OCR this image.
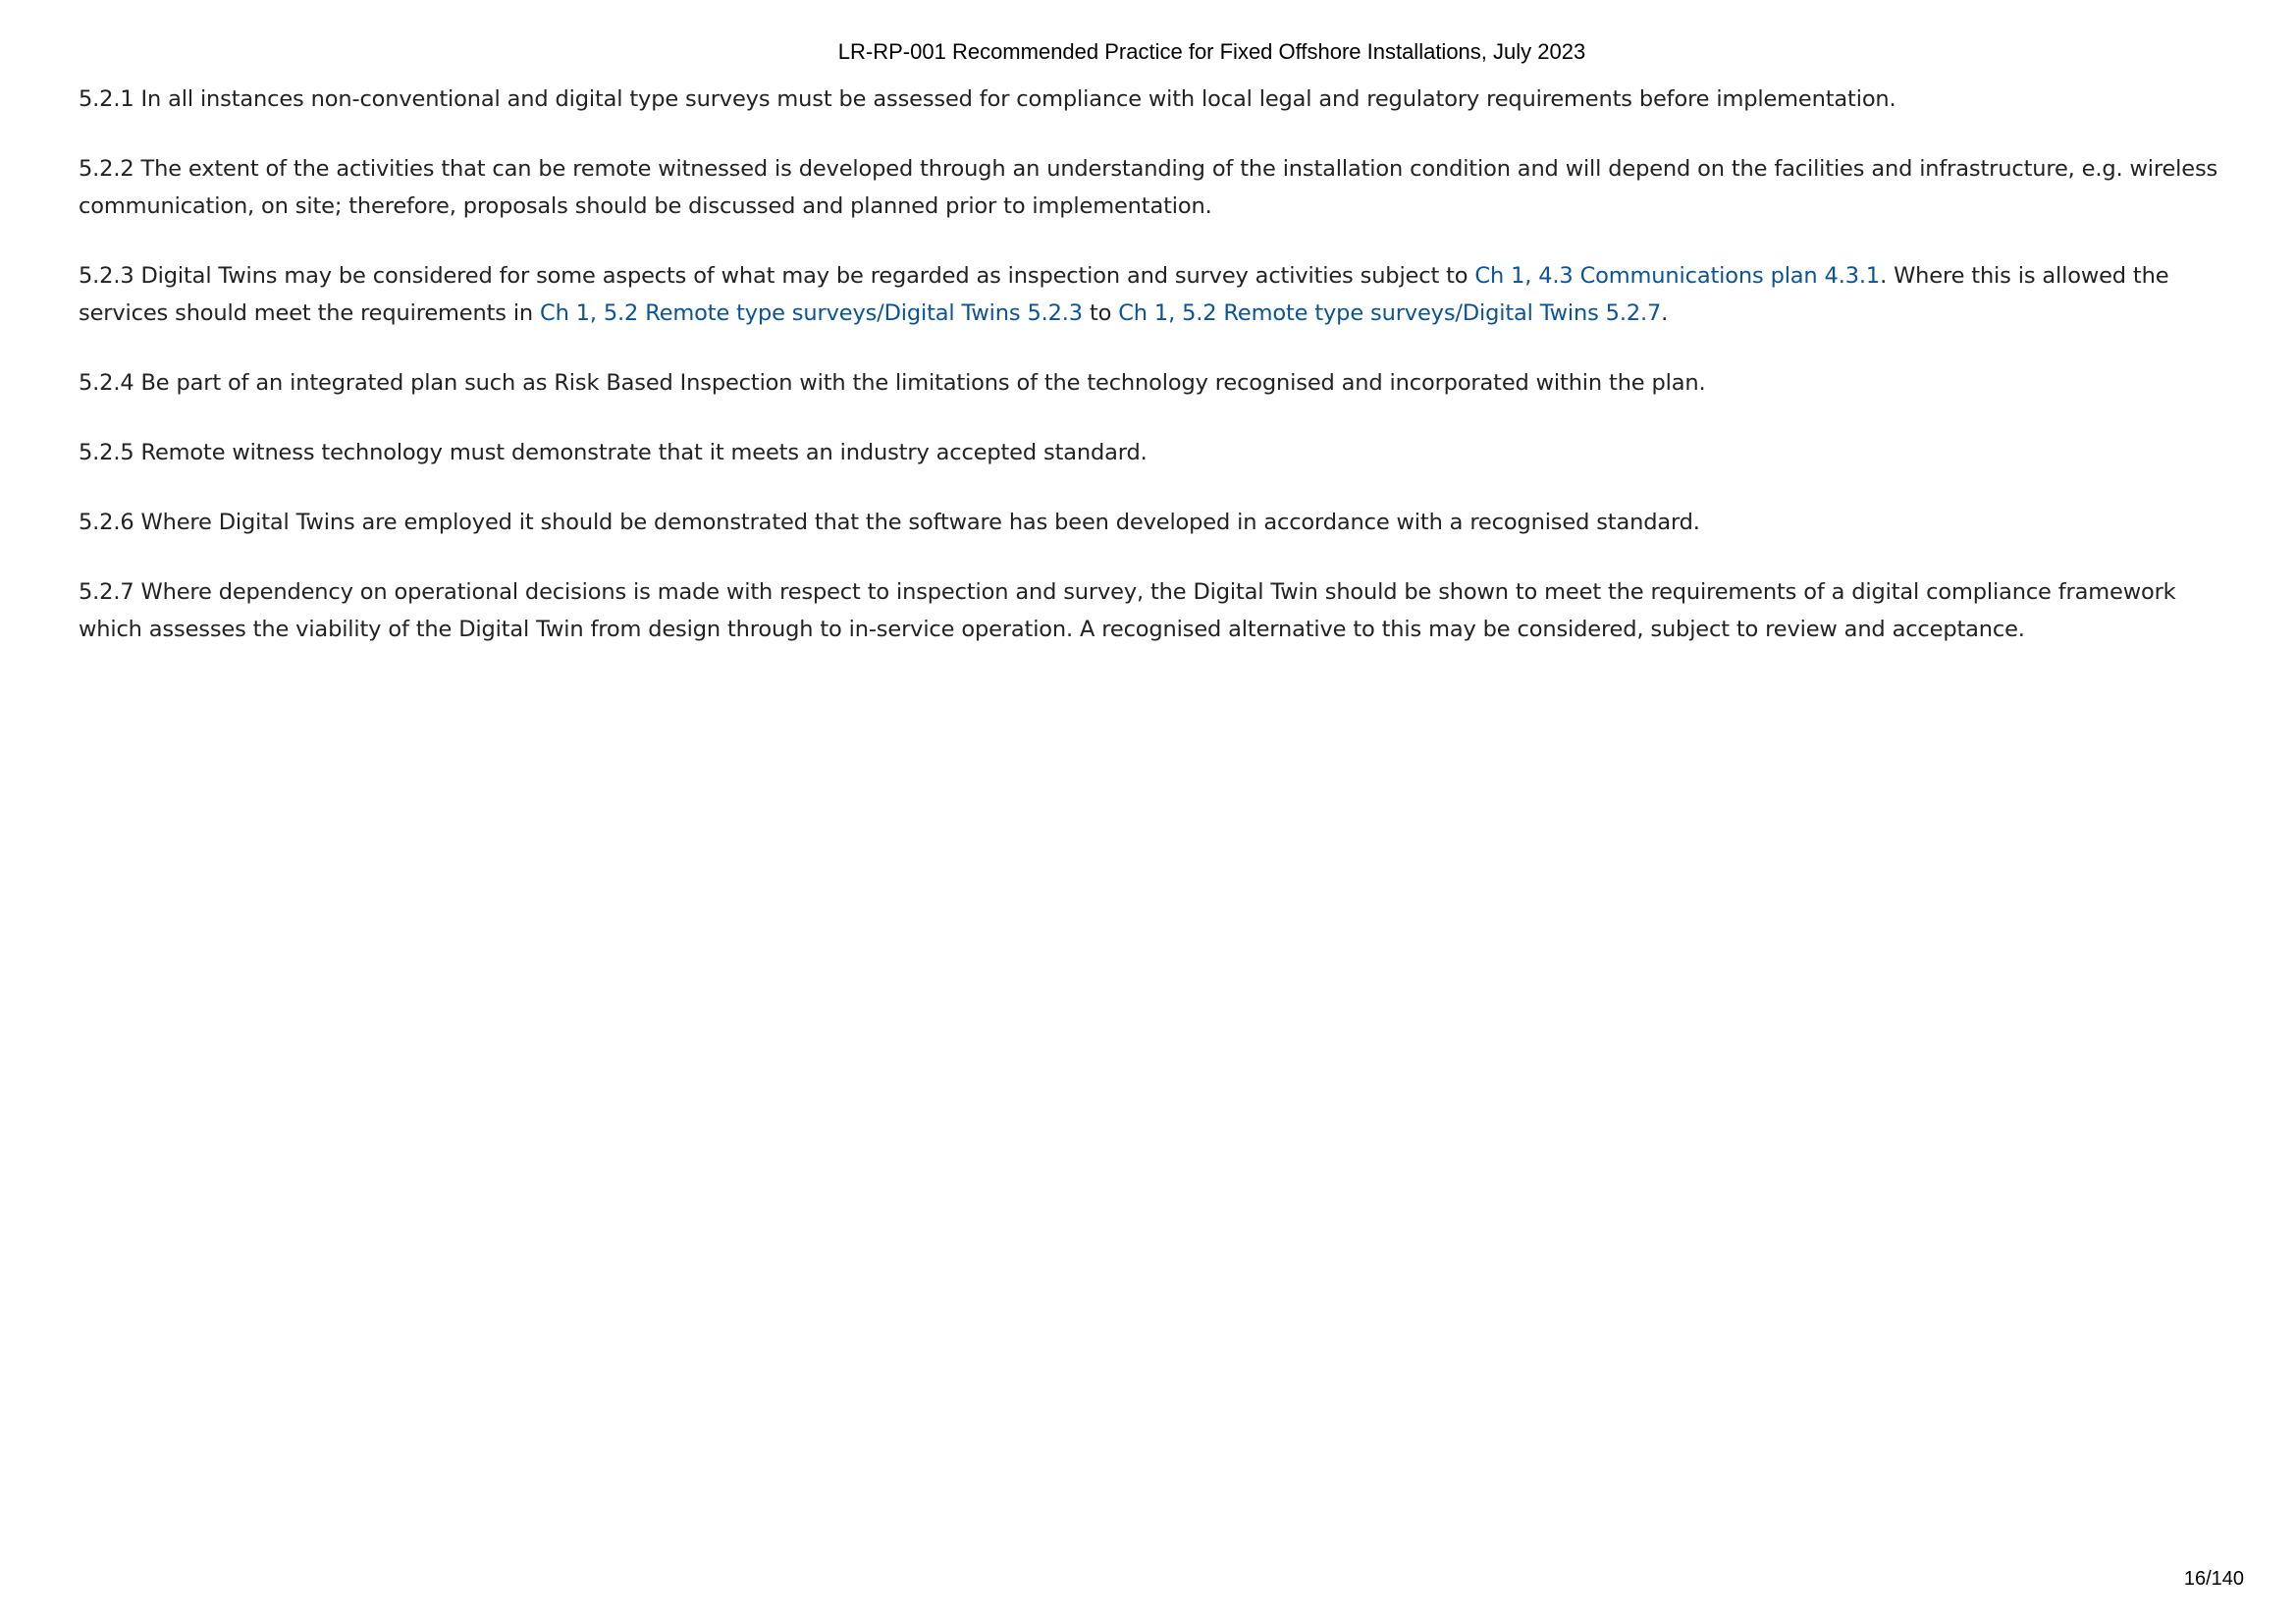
LR-RP-001 Recommended Practice for Fixed Offshore Installations, July 2023

5.2.1 In all instances non-conventional and digital type surveys must be assessed for compliance with local legal and regulatory requirements before implementation.

5.2.2 The extent of the activities that can be remote witnessed is developed through an understanding of the installation condition and will depend on the facilities and infrastructure, e.g. wireless communication, on site; therefore, proposals should be discussed and planned prior to implementation.

5.2.3 Digital Twins may be considered for some aspects of what may be regarded as inspection and survey activities subject to Ch 1, 4.3 Communications plan 4.3.1. Where this is allowed the services should meet the requirements in Ch 1, 5.2 Remote type surveys/Digital Twins 5.2.3 to Ch 1, 5.2 Remote type surveys/Digital Twins 5.2.7.

5.2.4 Be part of an integrated plan such as Risk Based Inspection with the limitations of the technology recognised and incorporated within the plan.

5.2.5 Remote witness technology must demonstrate that it meets an industry accepted standard.

5.2.6 Where Digital Twins are employed it should be demonstrated that the software has been developed in accordance with a recognised standard.

5.2.7 Where dependency on operational decisions is made with respect to inspection and survey, the Digital Twin should be shown to meet the requirements of a digital compliance framework which assesses the viability of the Digital Twin from design through to in-service operation. A recognised alternative to this may be considered, subject to review and acceptance.

16/140
